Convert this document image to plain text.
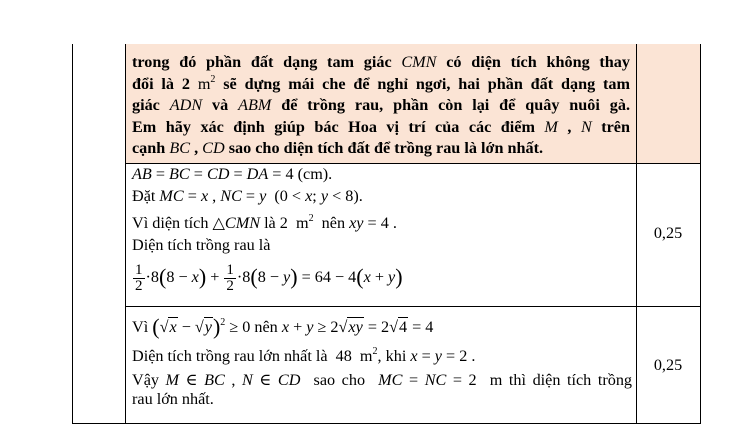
trong đó phần đất dạng tam giác CMN có diện tích không thay
đổi là 2 $m^2$ sẽ dựng mái che để nghỉ ngơi, hai phần đất dạng tam
giác ADN và ABM để trồng rau, phần còn lại để quây nuôi gà.
Em hãy xác định giúp bác Hoa vị trí của các điểm M , N trên
cạnh BC , CD sao cho diện tích đất để trồng rau là lớn nhất.
AB = BC = CD = DA = 4 (cm).
Đặt MC = x , NC = y  (0 < x; y < 8).
Vì diện tích △CMN là 2  $m^2$  nên xy = 4 .
Diện tích trồng rau là
$\frac{1}{2} \cdot 8(8 - x) + \frac{1}{2} \cdot 8(8 - y) = 64 - 4(x + y)$
0,25
Vì $(√x - √y)^2 \ge 0$ nên x + y ≥ 2√xy = 2√4 = 4
Diện tích trồng rau lớn nhất là  48  $m^2$, khi x = y = 2 .
Vậy M ∈ BC , N ∈ CD  sao cho  MC = NC = 2  m thì diện tích trồng
rau lớn nhất.
0,25
